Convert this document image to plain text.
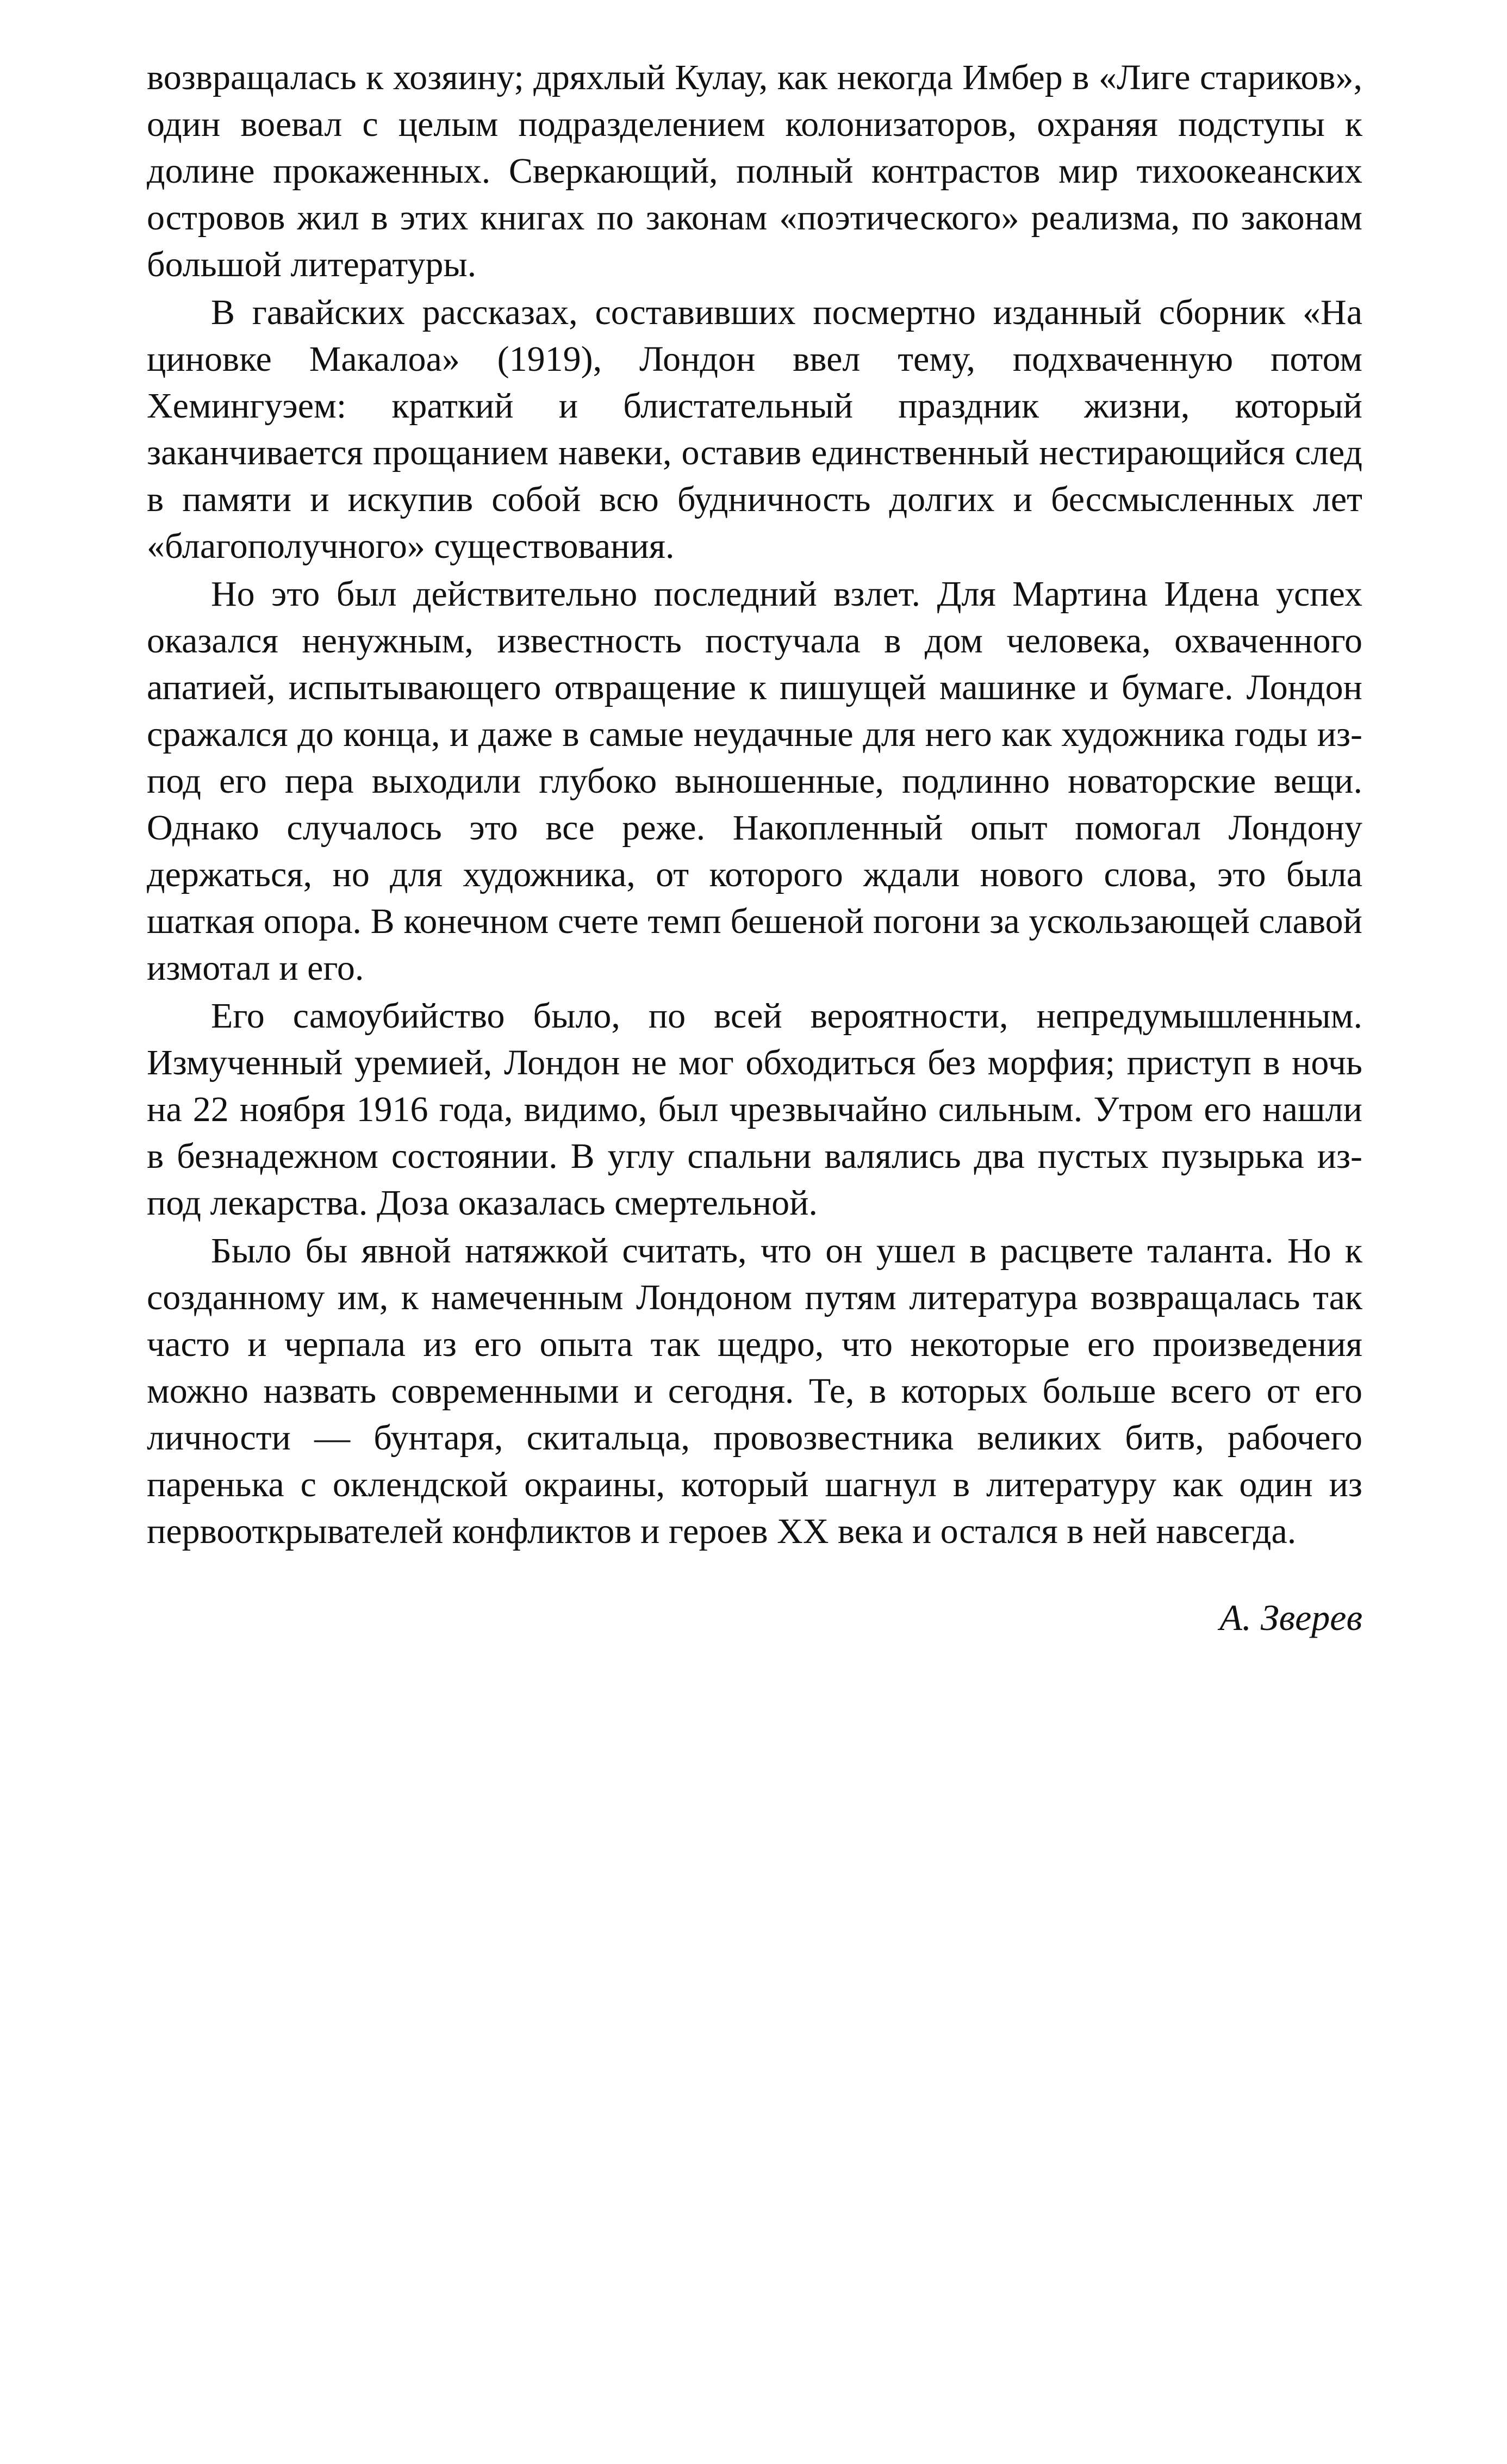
возвращалась к хозяину; дряхлый Кулау, как некогда Имбер в «Лиге стариков», один воевал с целым подразделением колонизаторов, охраняя подступы к долине прокаженных. Сверкающий, полный контрастов мир тихоокеанских островов жил в этих книгах по законам «поэтического» реализма, по законам большой литературы.

В гавайских рассказах, составивших посмертно изданный сборник «На циновке Макалоа» (1919), Лондон ввел тему, подхваченную потом Хемингуэем: краткий и блистательный праздник жизни, который заканчивается прощанием навеки, оставив единственный нестирающийся след в памяти и искупив собой всю будничность долгих и бессмысленных лет «благополучного» существования.

Но это был действительно последний взлет. Для Мартина Идена успех оказался ненужным, известность постучала в дом человека, охваченного апатией, испытывающего отвращение к пишущей машинке и бумаге. Лондон сражался до конца, и даже в самые неудачные для него как художника годы из-под его пера выходили глубоко выношенные, подлинно новаторские вещи. Однако случалось это все реже. Накопленный опыт помогал Лондону держаться, но для художника, от которого ждали нового слова, это была шаткая опора. В конечном счете темп бешеной погони за ускользающей славой измотал и его.

Его самоубийство было, по всей вероятности, непредумышленным. Измученный уремией, Лондон не мог обходиться без морфия; приступ в ночь на 22 ноября 1916 года, видимо, был чрезвычайно сильным. Утром его нашли в безнадежном состоянии. В углу спальни валялись два пустых пузырька из-под лекарства. Доза оказалась смертельной.

Было бы явной натяжкой считать, что он ушел в расцвете таланта. Но к созданному им, к намеченным Лондоном путям литература возвращалась так часто и черпала из его опыта так щедро, что некоторые его произведения можно назвать современными и сегодня. Те, в которых больше всего от его личности — бунтаря, скитальца, провозвестника великих битв, рабочего паренька с оклендской окраины, который шагнул в литературу как один из первооткрывателей конфликтов и героев XX века и остался в ней навсегда.

А. Зверев
